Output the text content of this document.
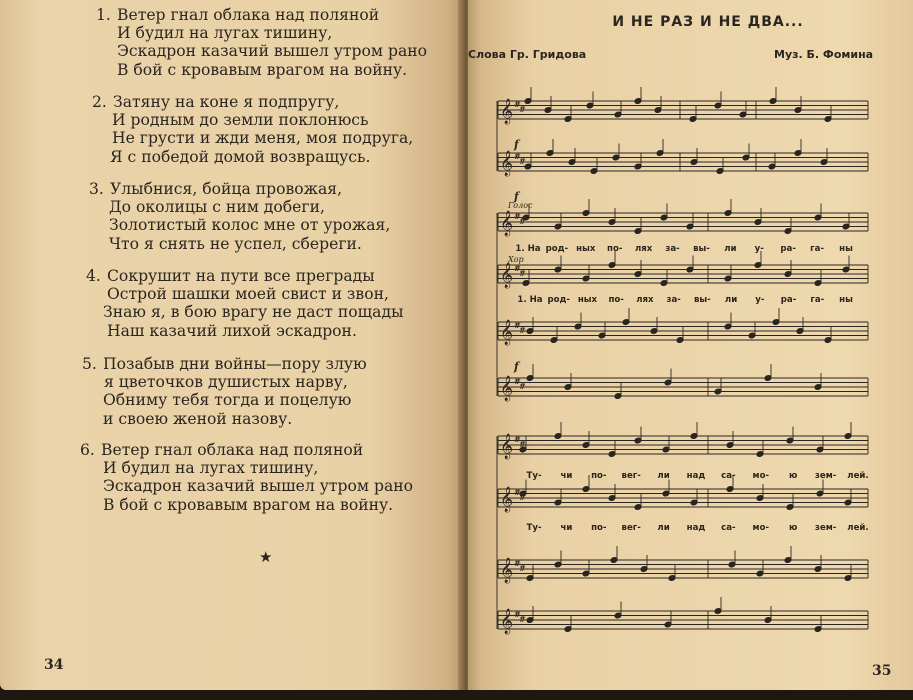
1. Ветер гнал облака над поляной
И будил на лугах тишину,
Эскадрон казачий вышел утром рано
В бой с кровавым врагом на войну.
2. Затяну на коне я подпругу,
И родным до земли поклонюсь
Не грусти и жди меня, моя подруга,
Я с победой домой возвращусь.
3. Улыбнися, бойца провожая,
До околицы с ним добеги,
Золотистый колос мне от урожая,
Что я снять не успел, сбереги.
4. Сокрушит на пути все преграды
Острой шашки моей свист и звон,
Знаю я, в бою врагу не даст пощады
Наш казачий лихой эскадрон.
5. Позабыв дни войны—пору злую
я цветочков душистых нарву,
Обниму тебя тогда и поцелую
и своею женой назову.
6. Ветер гнал облака над поляной
И будил на лугах тишину,
Эскадрон казачий вышел утром рано
В бой с кровавым врагом на войну.
★
34
И НЕ РАЗ И НЕ ДВА...
Слова Гр. Гридова	Муз. Б. Фомина
𝄞 #
#
𝄞 #
#
𝄞 #
#
𝄞 #
#
𝄞 #
#
𝄞 #
#
𝄞 #
#
𝄞 #
#
𝄞 #
#
𝄞 #
#
f
f
f
Голос
Хор
1. На род- ных по- лях за- вы- ли у- ра- га- ны
1. На род- ных по- лях за- вы- ли у- ра- га- ны
Ту- чи по- вег- ли над са- мо- ю зем- лей.
Ту- чи по- вег- ли над са- мо- ю зем- лей.
35
